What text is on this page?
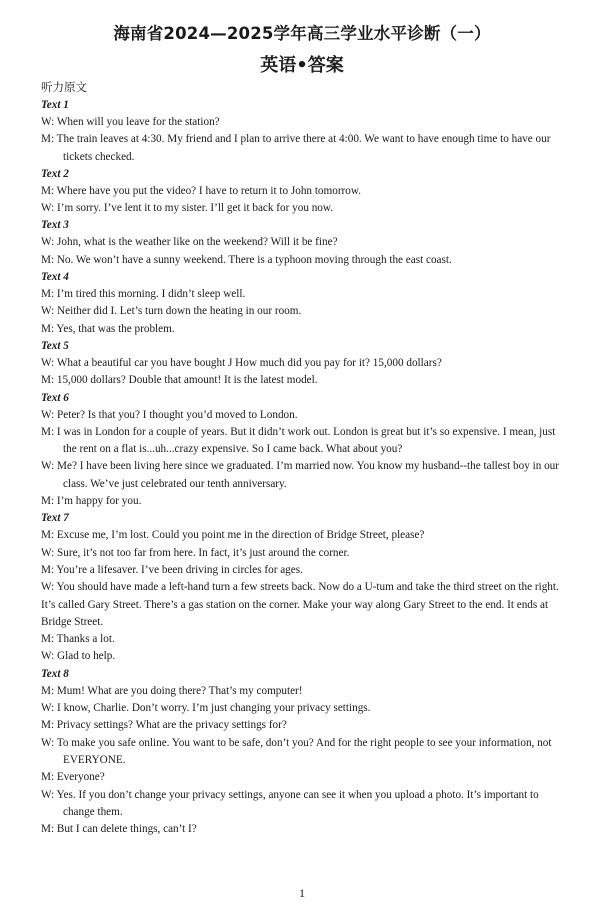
海南省2024—2025学年高三学业水平诊断（一）
英语•答案
听力原文
Text 1
W: When will you leave for the station?
M: The train leaves at 4:30. My friend and I plan to arrive there at 4:00. We want to have enough time to have our tickets checked.
Text 2
M: Where have you put the video? I have to return it to John tomorrow.
W: I’m sorry. I’ve lent it to my sister. I’ll get it back for you now.
Text 3
W: John, what is the weather like on the weekend? Will it be fine?
M: No. We won’t have a sunny weekend. There is a typhoon moving through the east coast.
Text 4
M: I’m tired this morning. I didn’t sleep well.
W: Neither did I. Let’s turn down the heating in our room.
M: Yes, that was the problem.
Text 5
W: What a beautiful car you have bought J How much did you pay for it? 15,000 dollars?
M: 15,000 dollars? Double that amount! It is the latest model.
Text 6
W: Peter? Is that you? I thought you’d moved to London.
M: I was in London for a couple of years. But it didn’t work out. London is great but it’s so expensive. I mean, just the rent on a flat is...uh...crazy expensive. So I came back. What about you?
W: Me? I have been living here since we graduated. I’m married now. You know my husband--the tallest boy in our class. We’ve just celebrated our tenth anniversary.
M: I’m happy for you.
Text 7
M: Excuse me, I’m lost. Could you point me in the direction of Bridge Street, please?
W: Sure, it’s not too far from here. In fact, it’s just around the corner.
M: You’re a lifesaver. I’ve been driving in circles for ages.
W: You should have made a left-hand turn a few streets back. Now do a U-tum and take the third street on the right. It’s called Gary Street. There’s a gas station on the corner. Make your way along Gary Street to the end. It ends at Bridge Street.
M: Thanks a lot.
W: Glad to help.
Text 8
M: Mum! What are you doing there? That’s my computer!
W: I know, Charlie. Don’t worry. I’m just changing your privacy settings.
M: Privacy settings? What are the privacy settings for?
W: To make you safe online. You want to be safe, don’t you? And for the right people to see your information, not EVERYONE.
M: Everyone?
W: Yes. If you don’t change your privacy settings, anyone can see it when you upload a photo. It’s important to change them.
M: But I can delete things, can’t I?
1
